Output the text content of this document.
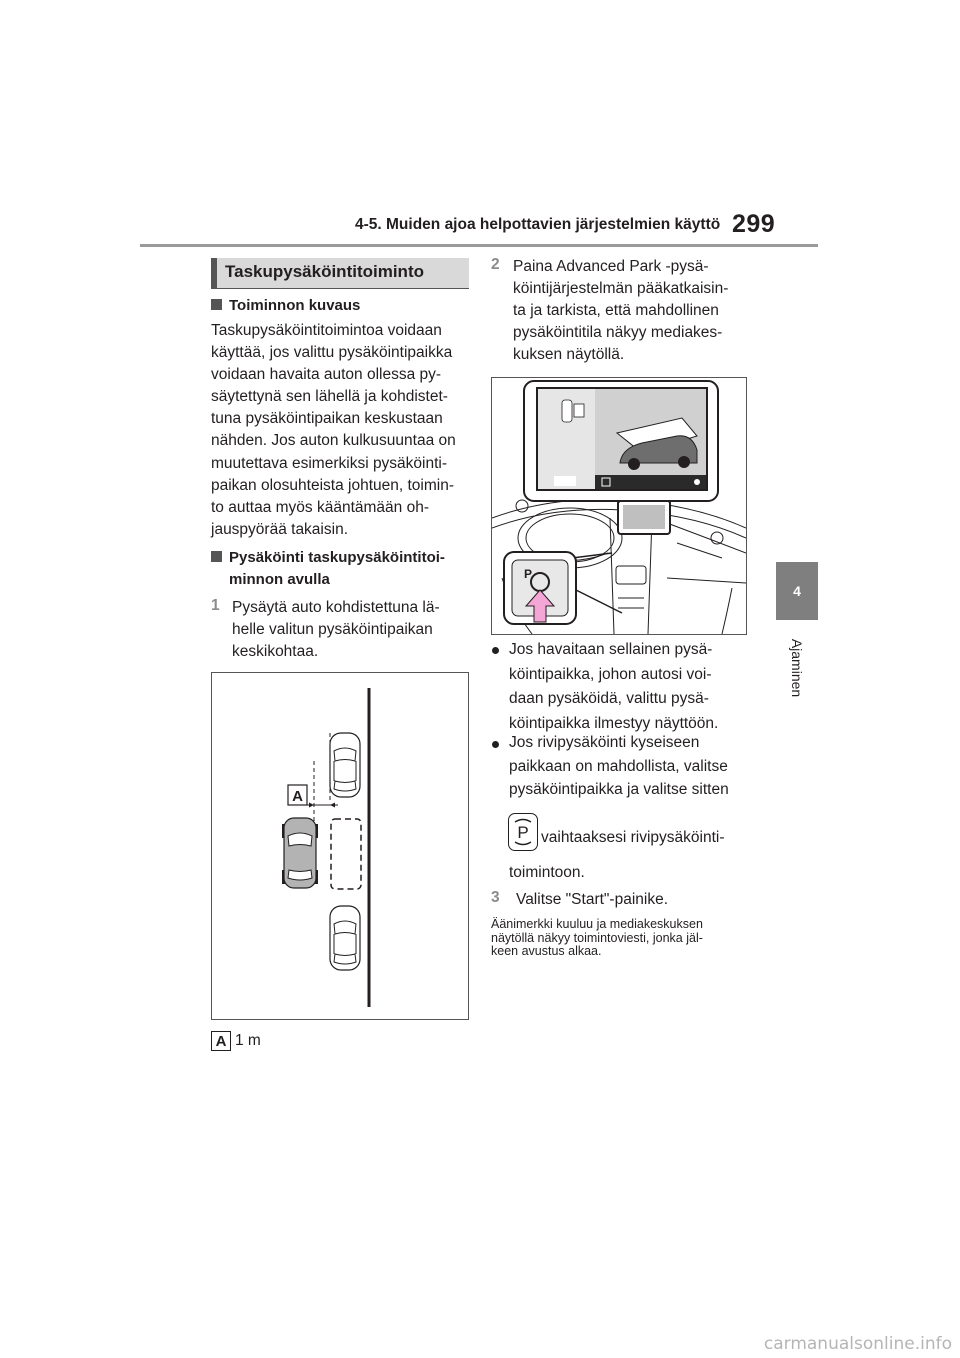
4-5. Muiden ajoa helpottavien järjestelmien käyttö 299
4
Ajaminen
Taskupysäköintitoiminto
Toiminnon kuvaus
Taskupysäköintitoimintoa voidaan
käyttää, jos valittu pysäköintipaikka
voidaan havaita auton ollessa py-
säytettynä sen lähellä ja kohdistet-
tuna pysäköintipaikan keskustaan
nähden. Jos auton kulkusuuntaa on
muutettava esimerkiksi pysäköinti-
paikan olosuhteista johtuen, toimin-
to auttaa myös kääntämään oh-
jauspyörää takaisin.
Pysäköinti taskupysäköintitoi-
minnon avulla
1 Pysäytä auto kohdistettuna lä-
helle valitun pysäköintipaikan
keskikohtaa.
A
A 1 m
2 Paina Advanced Park -pysä-
köintijärjestelmän pääkatkaisin-
ta ja tarkista, että mahdollinen
pysäköintitila näkyy mediakes-
kuksen näytöllä.
P
Jos havaitaan sellainen pysä-
köintipaikka, johon autosi voi-
daan pysäköidä, valittu pysä-
köintipaikka ilmestyy näyttöön.
Jos rivipysäköinti kyseiseen
paikkaan on mahdollista, valitse
pysäköintipaikka ja valitse sitten
P vaihtaaksesi rivipysäköinti-
toimintoon.
3 Valitse "Start"-painike.
Äänimerkki kuuluu ja mediakeskuksen
näytöllä näkyy toimintoviesti, jonka jäl-
keen avustus alkaa.
carmanualsonline.info
